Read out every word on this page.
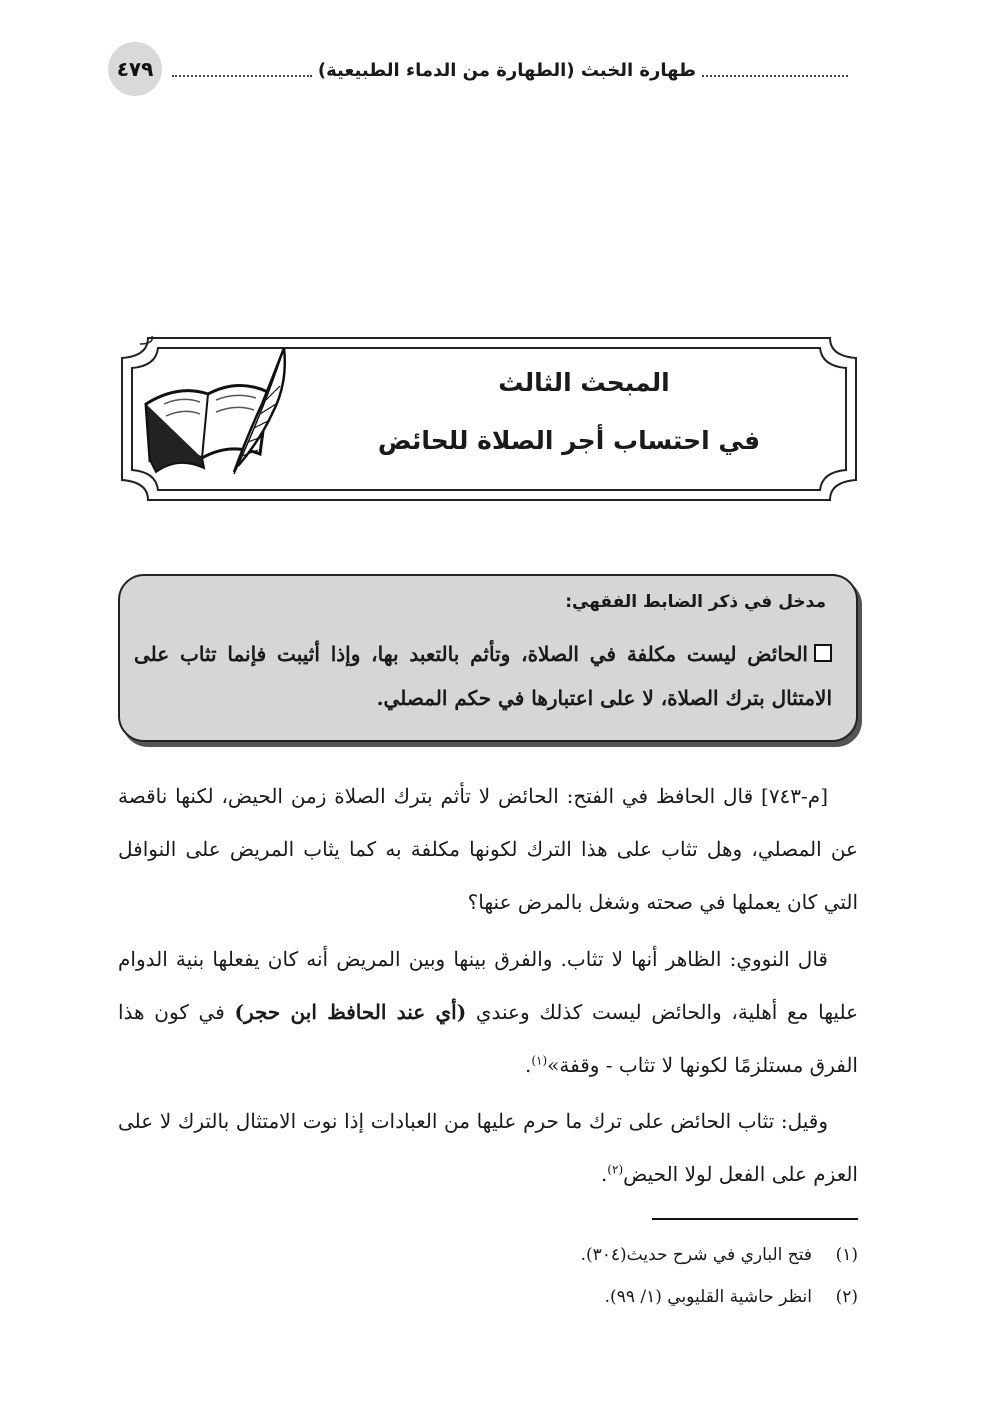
٤٧٩	طهارة الخبث (الطهارة من الدماء الطبيعية)
المبحث الثالث
في احتساب أجر الصلاة للحائض
مدخل في ذكر الضابط الفقهي:
الحائض ليست مكلفة في الصلاة، وتأثم بالتعبد بها، وإذا أثيبت فإنما تثاب على الامتثال بترك الصلاة، لا على اعتبارها في حكم المصلي.
[م-٧٤٣] قال الحافظ في الفتح: الحائض لا تأثم بترك الصلاة زمن الحيض، لكنها ناقصة عن المصلي، وهل تثاب على هذا الترك لكونها مكلفة به كما يثاب المريض على النوافل التي كان يعملها في صحته وشغل بالمرض عنها؟
قال النووي: الظاهر أنها لا تثاب. والفرق بينها وبين المريض أنه كان يفعلها بنية الدوام عليها مع أهلية، والحائض ليست كذلك وعندي (أي عند الحافظ ابن حجر) في كون هذا الفرق مستلزمًا لكونها لا تثاب - وقفة»$^{(١)}$.
وقيل: تثاب الحائض على ترك ما حرم عليها من العبادات إذا نوت الامتثال بالترك لا على العزم على الفعل لولا الحيض$^{(٢)}$.
(١)
فتح الباري في شرح حديث(٣٠٤).
(٢)
انظر حاشية القليوبي (١/ ٩٩).
